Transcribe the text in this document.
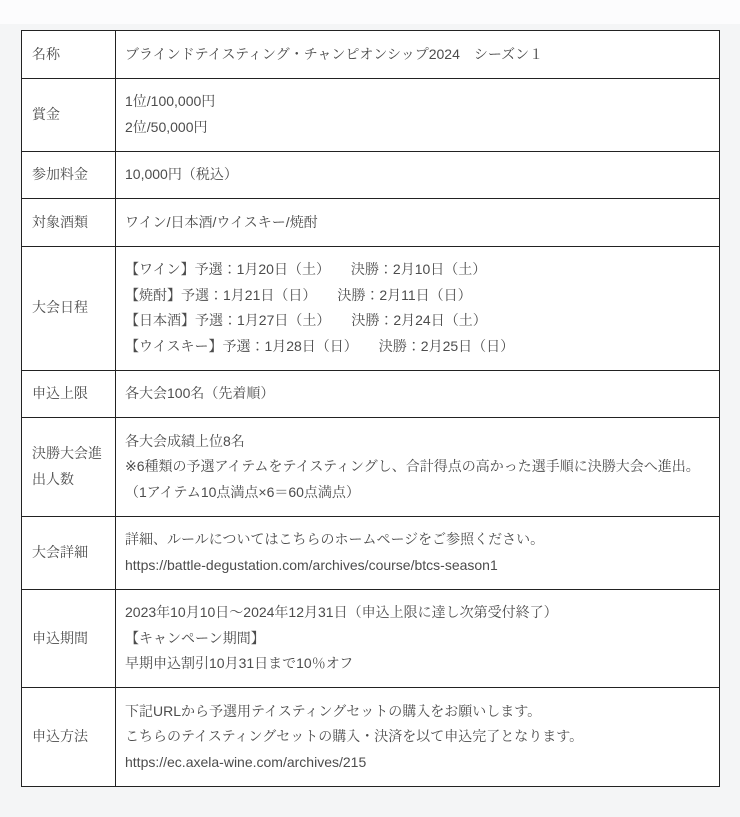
名称	ブラインドテイスティング・チャンピオンシップ2024　シーズン１

賞金	1位/100,000円
2位/50,000円

参加料金	10,000円（税込）

対象酒類	ワイン/日本酒/ウイスキー/焼酎

大会日程	【ワイン】予選：1月20日（土）　　決勝：2月10日（土）
【焼酎】予選：1月21日（日）　　決勝：2月11日（日）
【日本酒】予選：1月27日（土）　　決勝：2月24日（土）
【ウイスキー】予選：1月28日（日）　　決勝：2月25日（日）

申込上限	各大会100名（先着順）

決勝大会進出人数	各大会成績上位8名
※6種類の予選アイテムをテイスティングし、合計得点の高かった選手順に決勝大会へ進出。
（1アイテム10点満点×6＝60点満点）

大会詳細	詳細、ルールについてはこちらのホームページをご参照ください。
https://battle-degustation.com/archives/course/btcs-season1

申込期間	2023年10月10日～2024年12月31日（申込上限に達し次第受付終了）
【キャンペーン期間】
早期申込割引10月31日まで10％オフ

申込方法	下記URLから予選用テイスティングセットの購入をお願いします。
こちらのテイスティングセットの購入・決済を以て申込完了となります。
https://ec.axela-wine.com/archives/215
